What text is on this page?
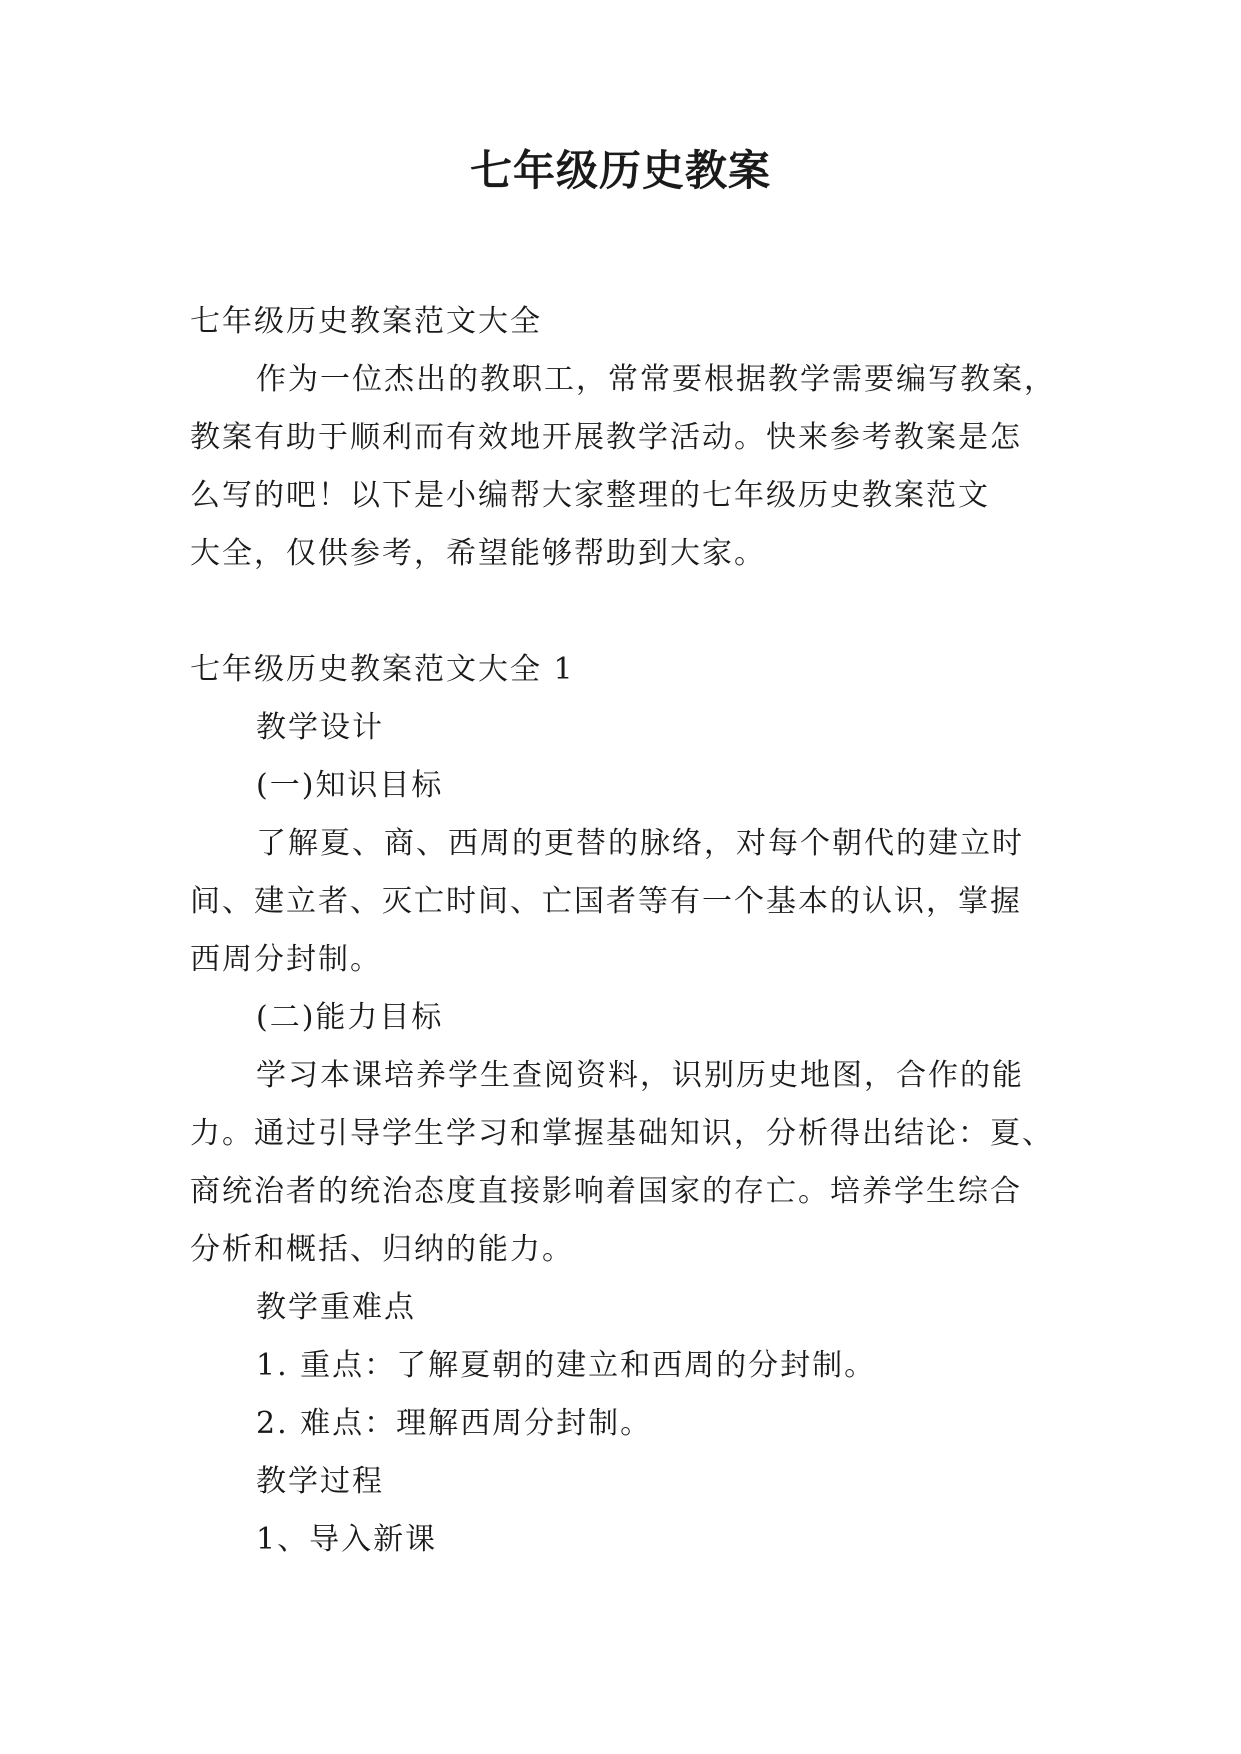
七年级历史教案
七年级历史教案范文大全
作为一位杰出的教职工，常常要根据教学需要编写教案，
教案有助于顺利而有效地开展教学活动。快来参考教案是怎
么写的吧！以下是小编帮大家整理的七年级历史教案范文
大全，仅供参考，希望能够帮助到大家。
七年级历史教案范文大全 1
教学设计
(一)知识目标
了解夏、商、西周的更替的脉络，对每个朝代的建立时
间、建立者、灭亡时间、亡国者等有一个基本的认识，掌握
西周分封制。
(二)能力目标
学习本课培养学生查阅资料，识别历史地图，合作的能
力。通过引导学生学习和掌握基础知识，分析得出结论：夏、
商统治者的统治态度直接影响着国家的存亡。培养学生综合
分析和概括、归纳的能力。
教学重难点
1. 重点：了解夏朝的建立和西周的分封制。
2. 难点：理解西周分封制。
教学过程
1、导入新课
